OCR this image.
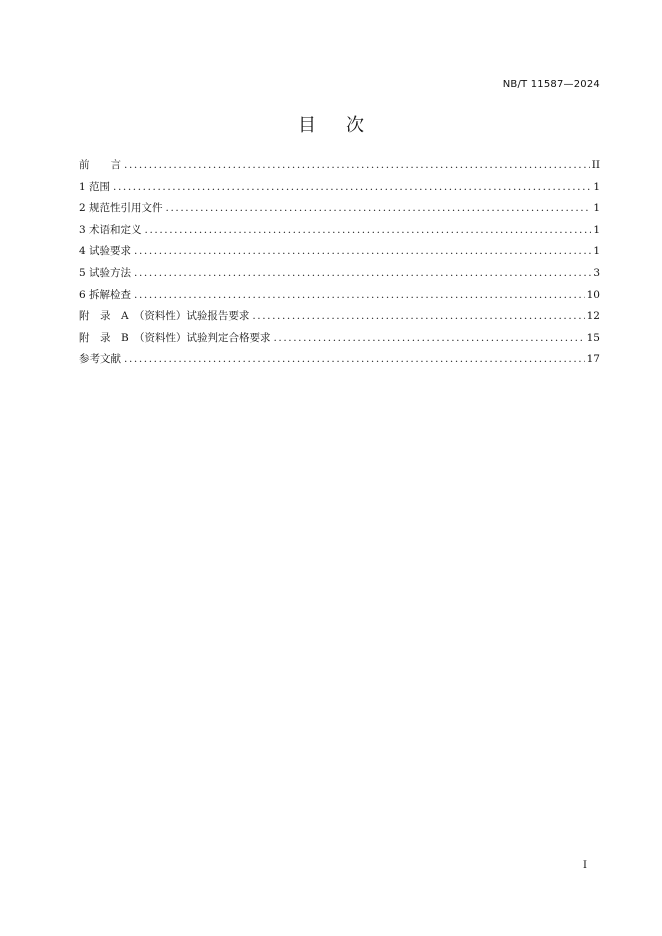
NB/T 11587—2024
目次
前　　言 .....	II
1 范围 .....	1
2 规范性引用文件 .....	1
3 术语和定义 .....	1
4 试验要求 .....	1
5 试验方法 .....	3
6 拆解检查 .....	10
附　录　A　（资料性）试验报告要求 .....	12
附　录　B　（资料性）试验判定合格要求 .....	15
参考文献 .....	17
I
